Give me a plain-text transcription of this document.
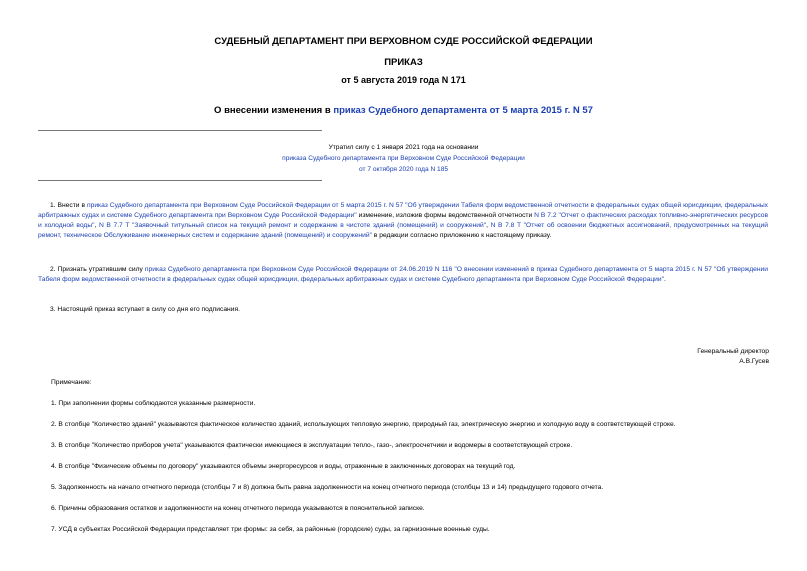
СУДЕБНЫЙ ДЕПАРТАМЕНТ ПРИ ВЕРХОВНОМ СУДЕ РОССИЙСКОЙ ФЕДЕРАЦИИ
ПРИКАЗ
от 5 августа 2019 года N 171
О внесении изменения в приказ Судебного департамента от 5 марта 2015 г. N 57
Утратил силу с 1 января 2021 года на основании
приказа Судебного департамента при Верховном Суде Российской Федерации
от 7 октября 2020 года N 185
1. Внести в приказ Судебного департамента при Верховном Суде Российской Федерации от 5 марта 2015 г. N 57 "Об утверждении Табеля форм ведомственной отчетности в федеральных судах общей юрисдикции, федеральных арбитражных судах и системе Судебного департамента при Верховном Суде Российской Федерации" изменение, изложив формы ведомственной отчетности N В 7.2 "Отчет о фактических расходах топливно-энергетических ресурсов и холодной воды", N В 7.7 Т "Заявочный титульный список на текущий ремонт и содержание в чистоте зданий (помещений) и сооружений", N В 7.8 Т "Отчет об освоении бюджетных ассигнований, предусмотренных на текущий ремонт, техническое Обслуживание инженерных систем и содержание зданий (помещений) и сооружений" в редакции согласно приложению к настоящему приказу.
2. Признать утратившим силу приказ Судебного департамента при Верховном Суде Российской Федерации от 24.06.2019 N 116 "О внесении изменений в приказ Судебного департамента от 5 марта 2015 г. N 57 "Об утверждении Табеля форм ведомственной отчетности в федеральных судах общей юрисдикции, федеральных арбитражных судах и системе Судебного департамента при Верховном Суде Российской Федерации".
3. Настоящий приказ вступает в силу со дня его подписания.
Генеральный директор
А.В.Гусев
Примечание:
1. При заполнении формы соблюдаются указанные размерности.
2. В столбце "Количество зданий" указываются фактическое количество зданий, использующих тепловую энергию, природный газ, электрическую энергию и холодную воду в соответствующей строке.
3. В столбце "Количество приборов учета" указываются фактически имеющиеся в эксплуатации тепло-, газо-, электросчетчики и водомеры в соответствующей строке.
4. В столбце "Физические объемы по договору" указываются объемы энергоресурсов и воды, отраженные в заключенных договорах на текущий год.
5. Задолженность на начало отчетного периода (столбцы 7 и 8) должна быть равна задолженности на конец отчетного периода (столбцы 13 и 14) предыдущего годового отчета.
6. Причины образования остатков и задолженности на конец отчетного периода указываются в пояснительной записке.
7. УСД в субъектах Российской Федерации представляет три формы: за себя, за районные (городские) суды, за гарнизонные военные суды.
